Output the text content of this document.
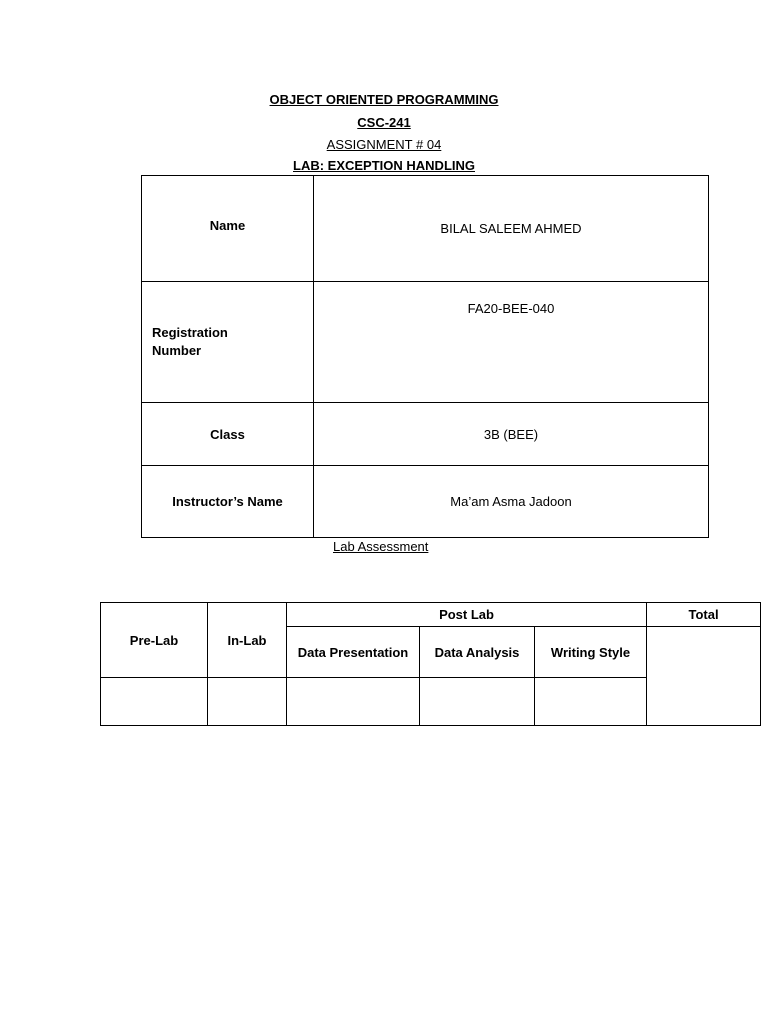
OBJECT ORIENTED PROGRAMMING
CSC-241
ASSIGNMENT # 04
LAB: EXCEPTION HANDLING
Name	BILAL SALEEM AHMED

Registration
Number	FA20-BEE-040
Class	3B (BEE)
Instructor’s Name	Ma’am Asma Jadoon
Lab Assessment
Pre-Lab	In-Lab	Post Lab			Total
		Data Presentation	Data Analysis	Writing Style	
